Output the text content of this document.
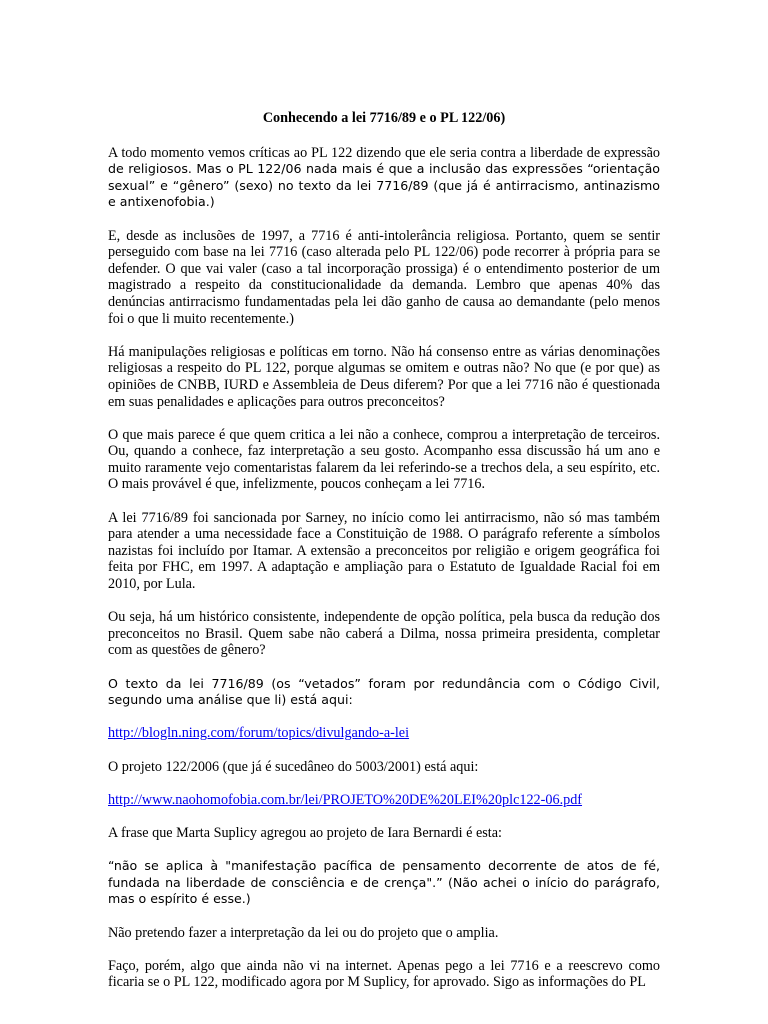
Conhecendo a lei 7716/89 e o PL 122/06)

A todo momento vemos críticas ao PL 122 dizendo que ele seria contra a liberdade de expressão de religiosos. Mas o PL 122/06 nada mais é que a inclusão das expressões “orientação sexual” e “gênero” (sexo) no texto da lei 7716/89 (que já é antirracismo, antinazismo e antixenofobia.)

E, desde as inclusões de 1997, a 7716 é anti-intolerância religiosa. Portanto, quem se sentir perseguido com base na lei 7716 (caso alterada pelo PL 122/06) pode recorrer à própria para se defender. O que vai valer (caso a tal incorporação prossiga) é o entendimento posterior de um magistrado a respeito da constitucionalidade da demanda. Lembro que apenas 40% das denúncias antirracismo fundamentadas pela lei dão ganho de causa ao demandante (pelo menos foi o que li muito recentemente.)

Há manipulações religiosas e políticas em torno. Não há consenso entre as várias denominações religiosas a respeito do PL 122, porque algumas se omitem e outras não? No que (e por que) as opiniões de CNBB, IURD e Assembleia de Deus diferem? Por que a lei 7716 não é questionada em suas penalidades e aplicações para outros preconceitos?

O que mais parece é que quem critica a lei não a conhece, comprou a interpretação de terceiros. Ou, quando a conhece, faz interpretação a seu gosto. Acompanho essa discussão há um ano e muito raramente vejo comentaristas falarem da lei referindo-se a trechos dela, a seu espírito, etc. O mais provável é que, infelizmente, poucos conheçam a lei 7716.

A lei 7716/89 foi sancionada por Sarney, no início como lei antirracismo, não só mas também para atender a uma necessidade face a Constituição de 1988. O parágrafo referente a símbolos nazistas foi incluído por Itamar. A extensão a preconceitos por religião e origem geográfica foi feita por FHC, em 1997. A adaptação e ampliação para o Estatuto de Igualdade Racial foi em 2010, por Lula.

Ou seja, há um histórico consistente, independente de opção política, pela busca da redução dos preconceitos no Brasil. Quem sabe não caberá a Dilma, nossa primeira presidenta, completar com as questões de gênero?

O texto da lei 7716/89 (os “vetados” foram por redundância com o Código Civil, segundo uma análise que li) está aqui:

http://blogln.ning.com/forum/topics/divulgando-a-lei

O projeto 122/2006 (que já é sucedâneo do 5003/2001) está aqui:

http://www.naohomofobia.com.br/lei/PROJETO%20DE%20LEI%20plc122-06.pdf

A frase que Marta Suplicy agregou ao projeto de Iara Bernardi é esta:

“não se aplica à "manifestação pacífica de pensamento decorrente de atos de fé, fundada na liberdade de consciência e de crença".” (Não achei o início do parágrafo, mas o espírito é esse.)

Não pretendo fazer a interpretação da lei ou do projeto que o amplia.

Faço, porém, algo que ainda não vi na internet. Apenas pego a lei 7716 e a reescrevo como ficaria se o PL 122, modificado agora por M Suplicy, for aprovado. Sigo as informações do PL
